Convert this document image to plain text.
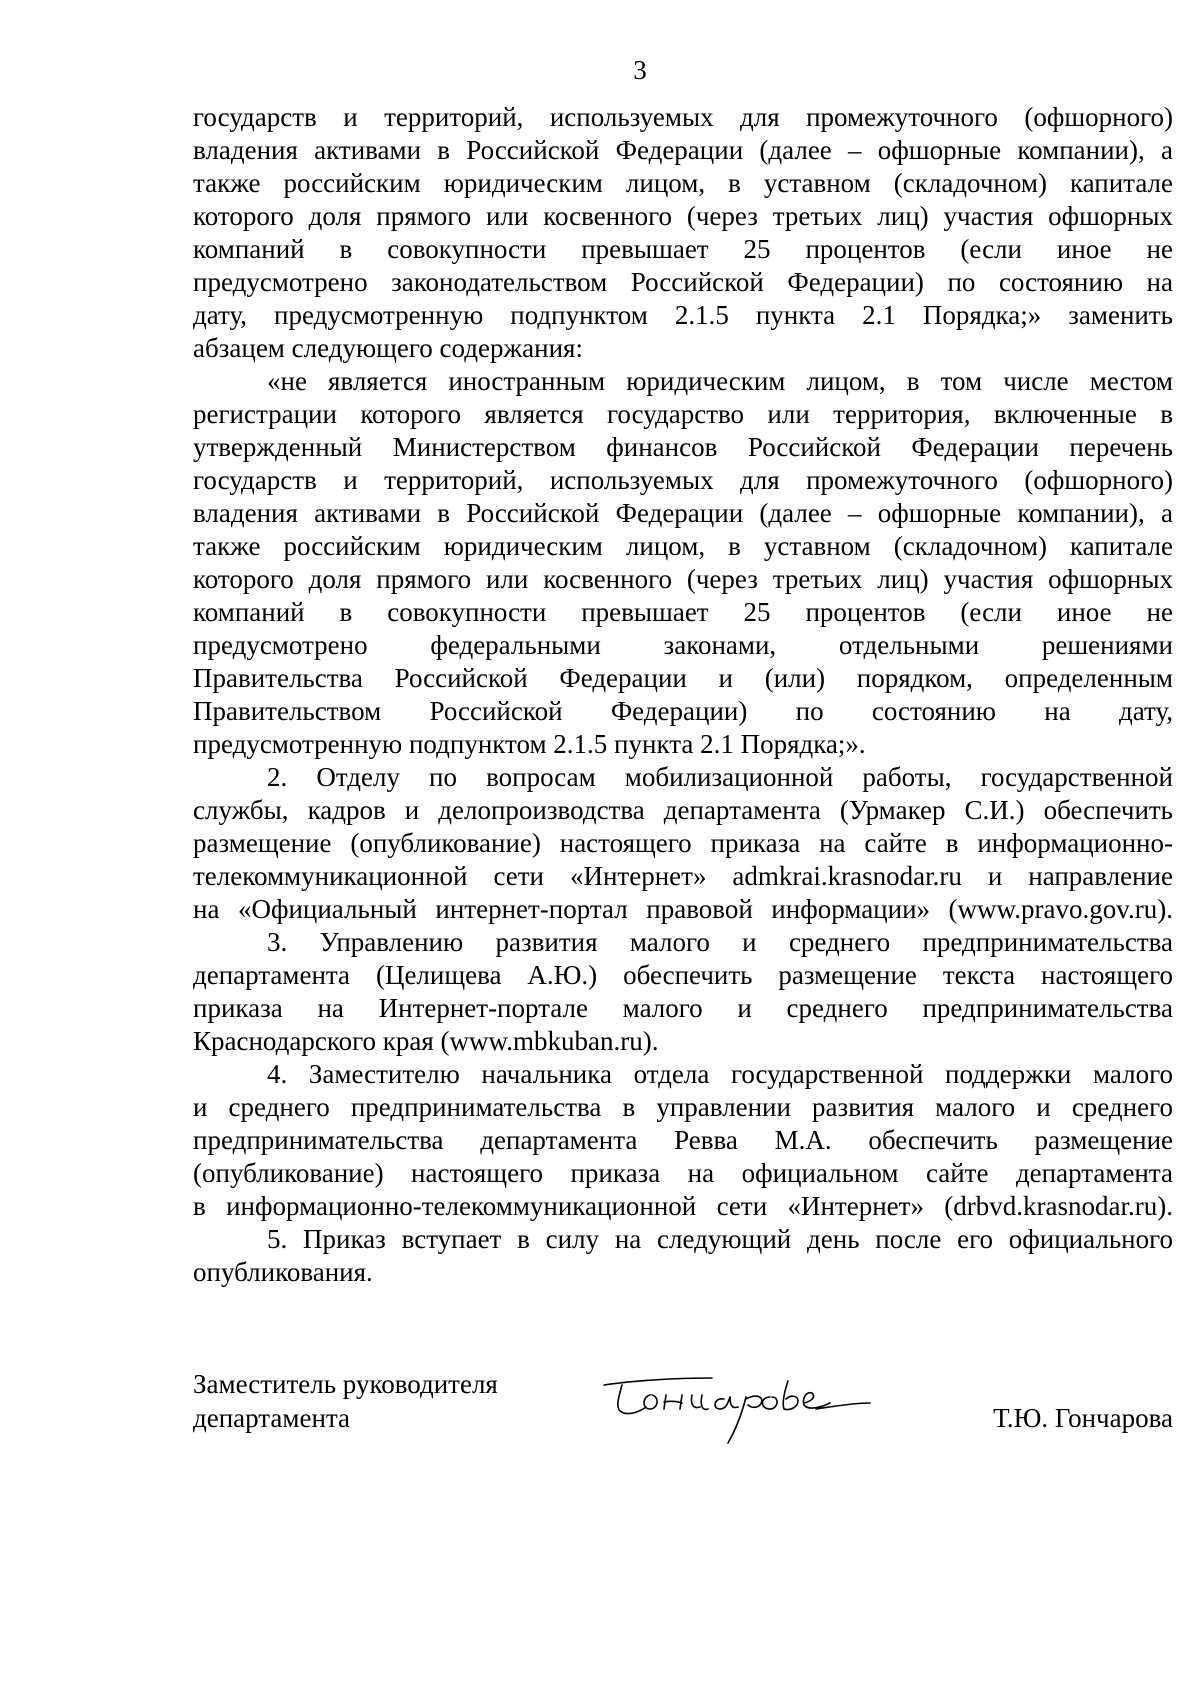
3
государств и территорий, используемых для промежуточного (офшорного)
владения активами в Российской Федерации (далее – офшорные компании), а
также российским юридическим лицом, в уставном (складочном) капитале
которого доля прямого или косвенного (через третьих лиц) участия офшорных
компаний в совокупности превышает 25 процентов (если иное не
предусмотрено законодательством Российской Федерации) по состоянию на
дату, предусмотренную подпунктом 2.1.5 пункта 2.1 Порядка;» заменить
абзацем следующего содержания:
«не является иностранным юридическим лицом, в том числе местом
регистрации которого является государство или территория, включенные в
утвержденный Министерством финансов Российской Федерации перечень
государств и территорий, используемых для промежуточного (офшорного)
владения активами в Российской Федерации (далее – офшорные компании), а
также российским юридическим лицом, в уставном (складочном) капитале
которого доля прямого или косвенного (через третьих лиц) участия офшорных
компаний в совокупности превышает 25 процентов (если иное не
предусмотрено федеральными законами, отдельными решениями
Правительства Российской Федерации и (или) порядком, определенным
Правительством Российской Федерации) по состоянию на дату,
предусмотренную подпунктом 2.1.5 пункта 2.1 Порядка;».
2. Отделу по вопросам мобилизационной работы, государственной
службы, кадров и делопроизводства департамента (Урмакер С.И.) обеспечить
размещение (опубликование) настоящего приказа на сайте в информационно-
телекоммуникационной сети «Интернет» admkrai.krasnodar.ru и направление
на «Официальный интернет-портал правовой информации» (www.pravo.gov.ru).
3. Управлению развития малого и среднего предпринимательства
департамента (Целищева А.Ю.) обеспечить размещение текста настоящего
приказа на Интернет-портале малого и среднего предпринимательства
Краснодарского края (www.mbkuban.ru).
4. Заместителю начальника отдела государственной поддержки малого
и среднего предпринимательства в управлении развития малого и среднего
предпринимательства департамента Ревва М.А. обеспечить размещение
(опубликование) настоящего приказа на официальном сайте департамента
в информационно-телекоммуникационной сети «Интернет» (drbvd.krasnodar.ru).
5. Приказ вступает в силу на следующий день после его официального
опубликования.
Заместитель руководителя
департамента	Т.Ю. Гончарова
